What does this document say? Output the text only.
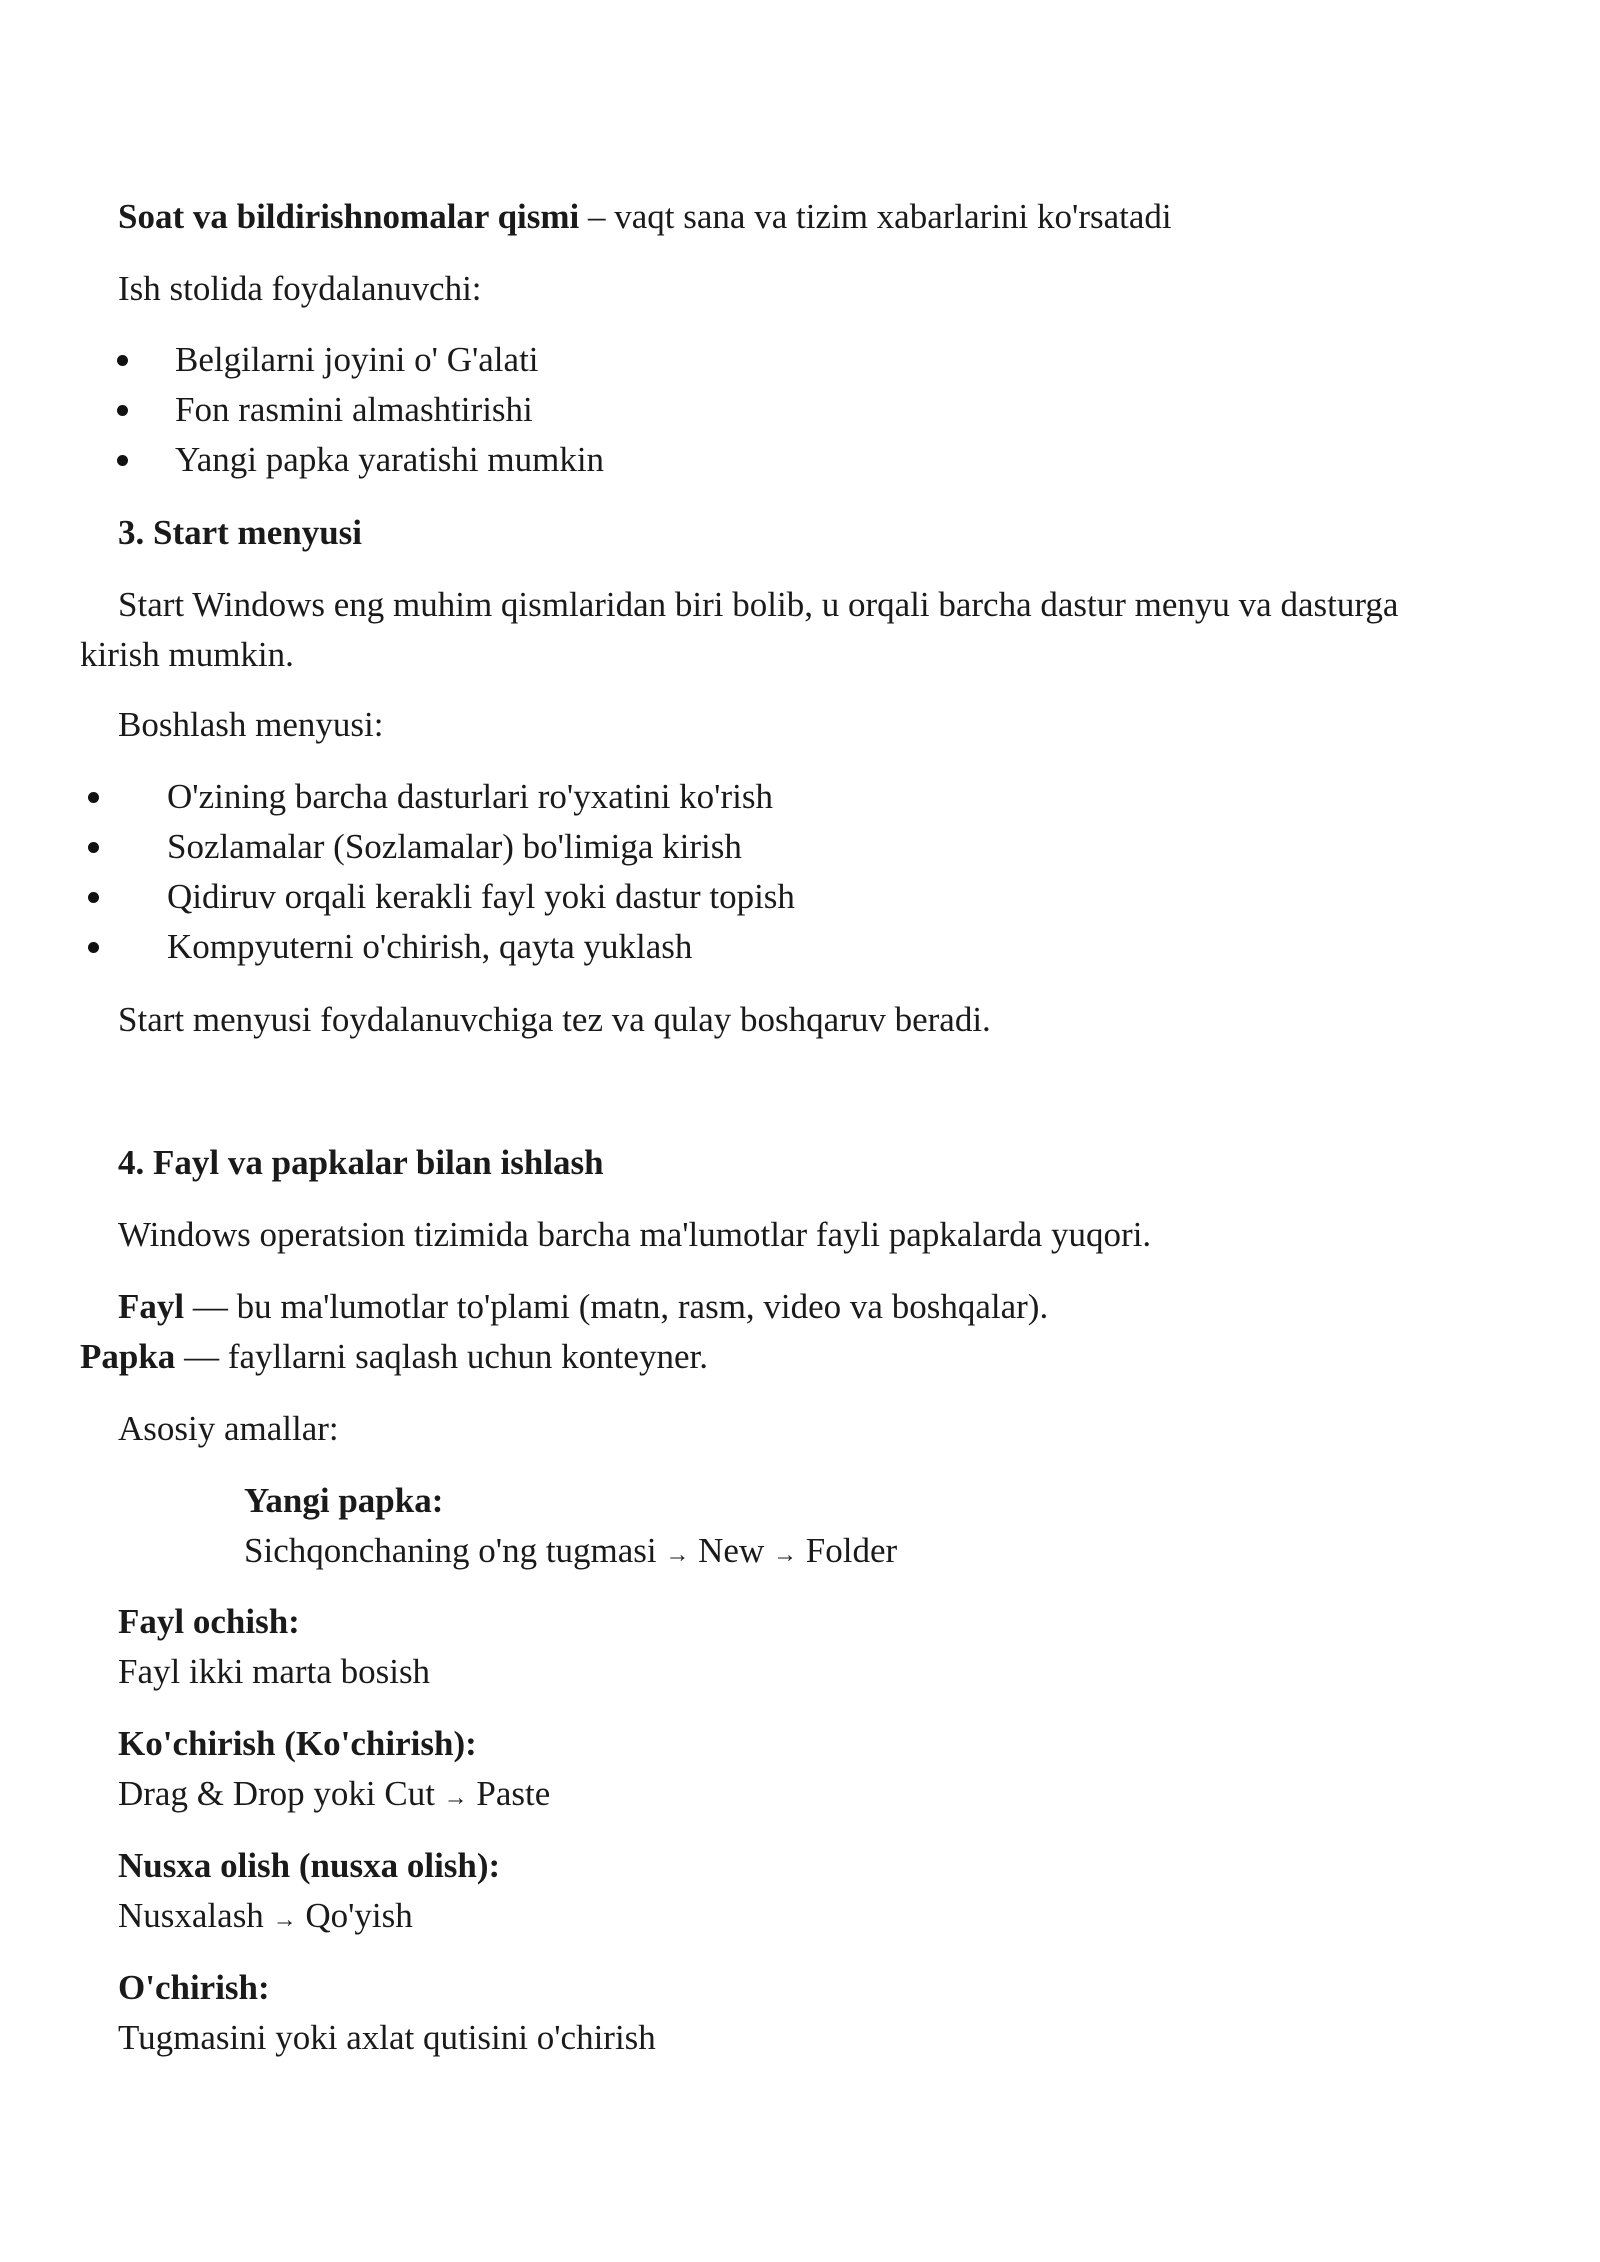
Soat va bildirishnomalar qismi – vaqt sana va tizim xabarlarini ko'rsatadi
Ish stolida foydalanuvchi:
Belgilarni joyini o' G'alati
Fon rasmini almashtirishi
Yangi papka yaratishi mumkin
3. Start menyusi
Start Windows eng muhim qismlaridan biri bolib, u orqali barcha dastur menyu va dasturga
kirish mumkin.
Boshlash menyusi:
O'zining barcha dasturlari ro'yxatini ko'rish
Sozlamalar (Sozlamalar) bo'limiga kirish
Qidiruv orqali kerakli fayl yoki dastur topish
Kompyuterni o'chirish, qayta yuklash
Start menyusi foydalanuvchiga tez va qulay boshqaruv beradi.
4. Fayl va papkalar bilan ishlash
Windows operatsion tizimida barcha ma'lumotlar fayli papkalarda yuqori.
Fayl — bu ma'lumotlar to'plami (matn, rasm, video va boshqalar).
Papka — fayllarni saqlash uchun konteyner.
Asosiy amallar:
Yangi papka:
Sichqonchaning o'ng tugmasi → New → Folder
Fayl ochish:
Fayl ikki marta bosish
Ko'chirish (Ko'chirish):
Drag & Drop yoki Cut → Paste
Nusxa olish (nusxa olish):
Nusxalash → Qo'yish
O'chirish:
Tugmasini yoki axlat qutisini o'chirish
